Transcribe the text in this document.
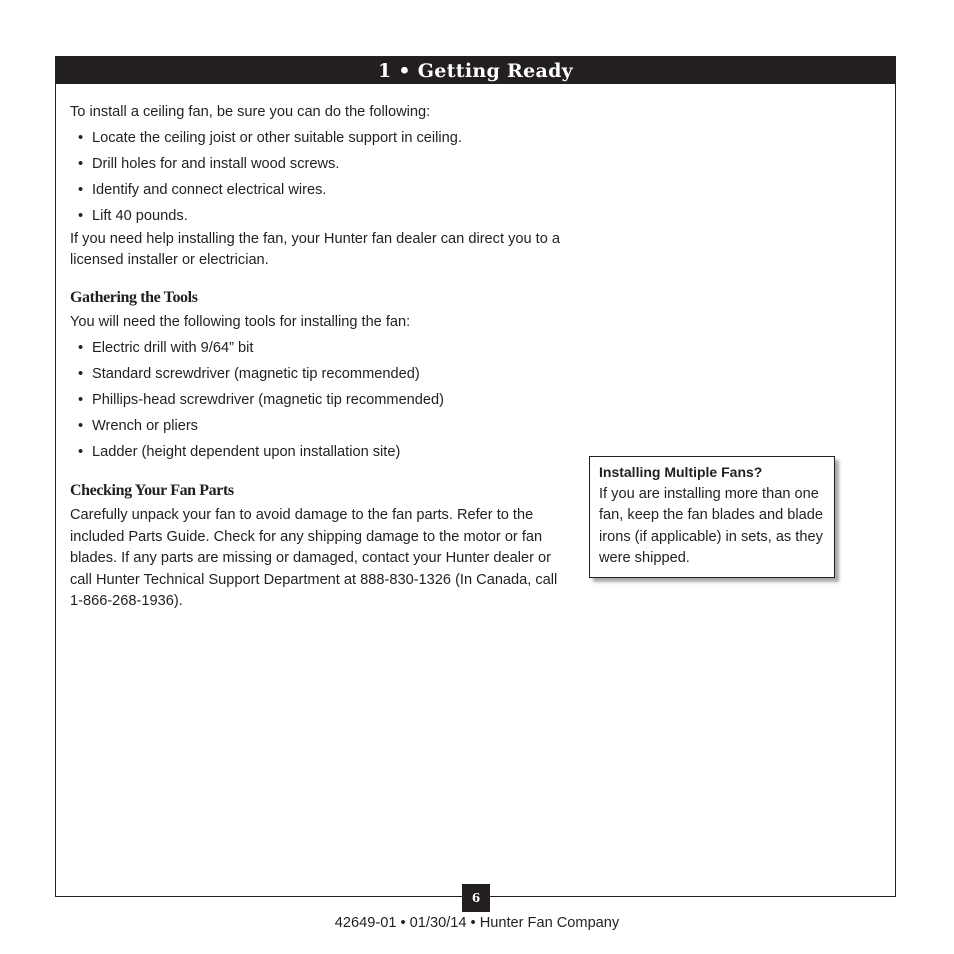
1 • Getting Ready

To install a ceiling fan, be sure you can do the following:

• Locate the ceiling joist or other suitable support in ceiling.
• Drill holes for and install wood screws.
• Identify and connect electrical wires.
• Lift 40 pounds.

If you need help installing the fan, your Hunter fan dealer can direct you to a licensed installer or electrician.

Gathering the Tools

You will need the following tools for installing the fan:

• Electric drill with 9/64” bit
• Standard screwdriver (magnetic tip recommended)
• Phillips-head screwdriver (magnetic tip recommended)
• Wrench or pliers
• Ladder (height dependent upon installation site)

Checking Your Fan Parts

Carefully unpack your fan to avoid damage to the fan parts. Refer to the included Parts Guide. Check for any shipping damage to the motor or fan blades. If any parts are missing or damaged, contact your Hunter dealer or call Hunter Technical Support Department at 888-830-1326 (In Canada, call 1-866-268-1936).

Installing Multiple Fans?
If you are installing more than one fan, keep the fan blades and blade irons (if applicable) in sets, as they were shipped.
6
42649-01 • 01/30/14 • Hunter Fan Company
